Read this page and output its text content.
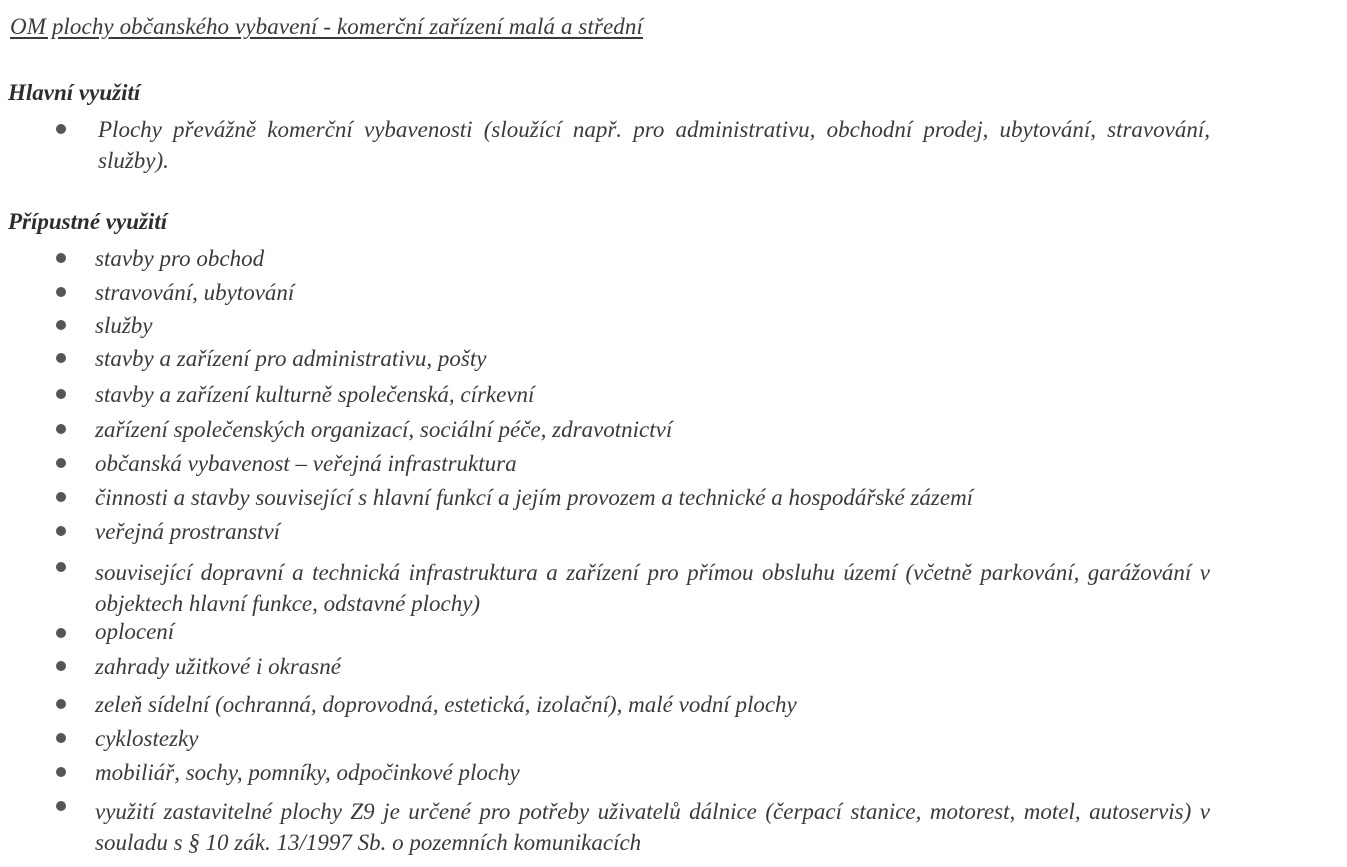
OM plochy občanského vybavení - komerční zařízení malá a střední
Hlavní využití
Plochy převážně komerční vybavenosti (sloužící např. pro administrativu, obchodní prodej, ubytování, stravování, služby).
Přípustné využití
stavby pro obchod
stravování, ubytování
služby
stavby a zařízení pro administrativu, pošty
stavby a zařízení kulturně společenská, církevní
zařízení společenských organizací, sociální péče, zdravotnictví
občanská vybavenost – veřejná infrastruktura
činnosti a stavby související s hlavní funkcí a jejím provozem a technické a hospodářské zázemí
veřejná prostranství
související dopravní a technická infrastruktura a zařízení pro přímou obsluhu území (včetně parkování, garážování v objektech hlavní funkce, odstavné plochy)
oplocení
zahrady užitkové i okrasné
zeleň sídelní (ochranná, doprovodná, estetická, izolační), malé vodní plochy
cyklostezky
mobiliář, sochy, pomníky, odpočinkové plochy
využití zastavitelné plochy Z9 je určené pro potřeby uživatelů dálnice (čerpací stanice, motorest, motel, autoservis) v souladu s § 10 zák. 13/1997 Sb. o pozemních komunikacích
